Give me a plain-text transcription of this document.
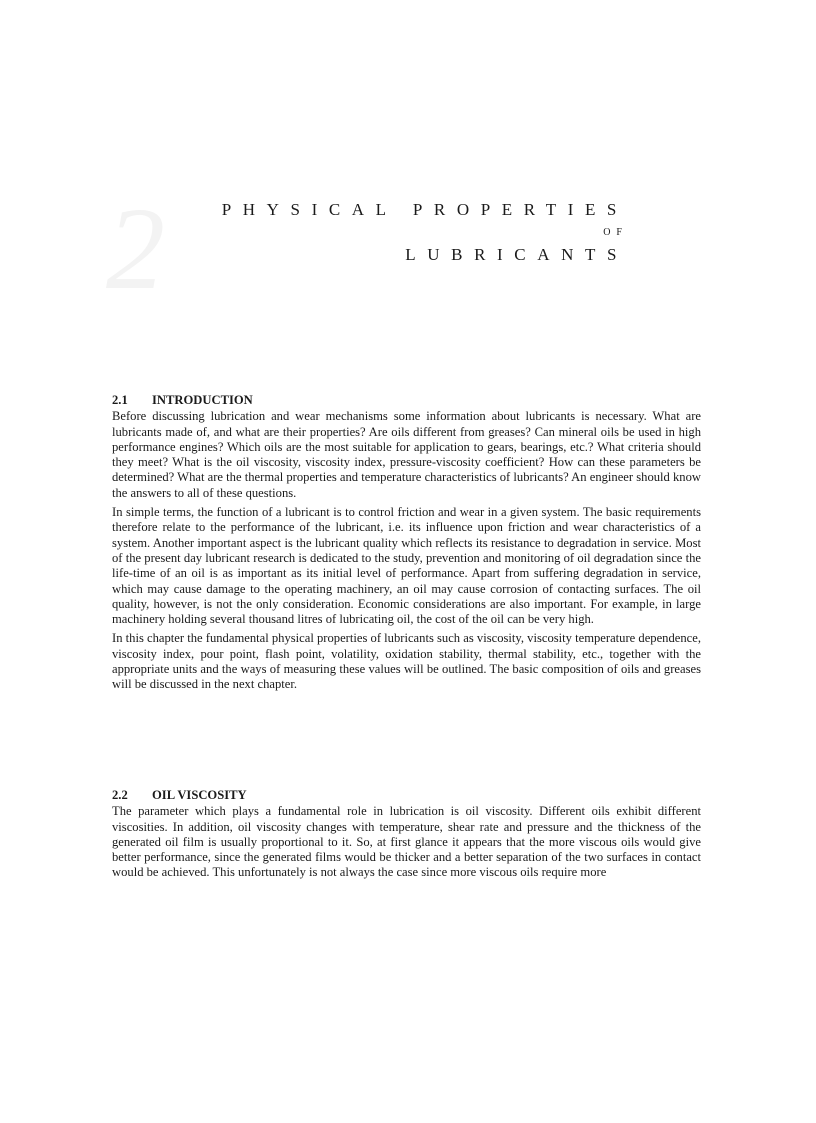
2	PHYSICAL PROPERTIES
OF
LUBRICANTS
2.1	INTRODUCTION

Before discussing lubrication and wear mechanisms some information about lubricants is necessary. What are lubricants made of, and what are their properties? Are oils different from greases? Can mineral oils be used in high performance engines? Which oils are the most suitable for application to gears, bearings, etc.? What criteria should they meet? What is the oil viscosity, viscosity index, pressure-viscosity coefficient? How can these parameters be determined? What are the thermal properties and temperature characteristics of lubricants? An engineer should know the answers to all of these questions.

In simple terms, the function of a lubricant is to control friction and wear in a given system. The basic requirements therefore relate to the performance of the lubricant, i.e. its influence upon friction and wear characteristics of a system. Another important aspect is the lubricant quality which reflects its resistance to degradation in service. Most of the present day lubricant research is dedicated to the study, prevention and monitoring of oil degradation since the life-time of an oil is as important as its initial level of performance. Apart from suffering degradation in service, which may cause damage to the operating machinery, an oil may cause corrosion of contacting surfaces. The oil quality, however, is not the only consideration. Economic considerations are also important. For example, in large machinery holding several thousand litres of lubricating oil, the cost of the oil can be very high.

In this chapter the fundamental physical properties of lubricants such as viscosity, viscosity temperature dependence, viscosity index, pour point, flash point, volatility, oxidation stability, thermal stability, etc., together with the appropriate units and the ways of measuring these values will be outlined. The basic composition of oils and greases will be discussed in the next chapter.

2.2	OIL VISCOSITY

The parameter which plays a fundamental role in lubrication is oil viscosity. Different oils exhibit different viscosities. In addition, oil viscosity changes with temperature, shear rate and pressure and the thickness of the generated oil film is usually proportional to it. So, at first glance it appears that the more viscous oils would give better performance, since the generated films would be thicker and a better separation of the two surfaces in contact would be achieved. This unfortunately is not always the case since more viscous oils require more
